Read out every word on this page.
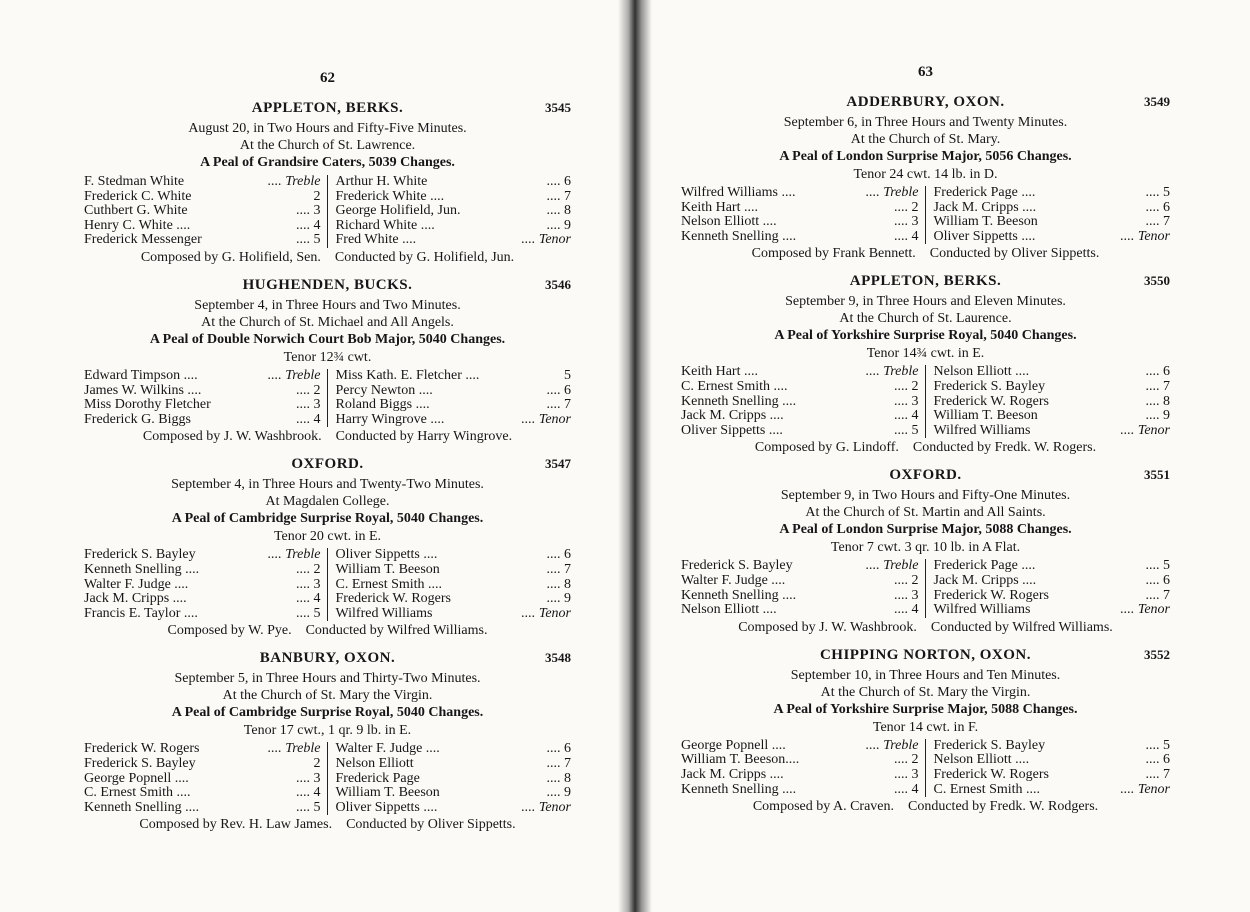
62
APPLETON, BERKS.	3545
August 20, in Two Hours and Fifty-Five Minutes.
At the Church of St. Lawrence.
A Peal of Grandsire Caters, 5039 Changes.
F. Stedman White	.... Treble
Frederick C. White	2
Cuthbert G. White	.... 3
Henry C. White ....	.... 4
Frederick Messenger	.... 5
Arthur H. White	.... 6
Frederick White ....	.... 7
George Holifield, Jun.	.... 8
Richard White ....	.... 9
Fred White ....	.... Tenor
Composed by G. Holifield, Sen. Conducted by G. Holifield, Jun.
HUGHENDEN, BUCKS.	3546
September 4, in Three Hours and Two Minutes.
At the Church of St. Michael and All Angels.
A Peal of Double Norwich Court Bob Major, 5040 Changes.
Tenor 12¾ cwt.
Edward Timpson ....	.... Treble
James W. Wilkins ....	.... 2
Miss Dorothy Fletcher	.... 3
Frederick G. Biggs	.... 4
Miss Kath. E. Fletcher ....	5
Percy Newton ....	.... 6
Roland Biggs ....	.... 7
Harry Wingrove ....	.... Tenor
Composed by J. W. Washbrook. Conducted by Harry Wingrove.
OXFORD.	3547
September 4, in Three Hours and Twenty-Two Minutes.
At Magdalen College.
A Peal of Cambridge Surprise Royal, 5040 Changes.
Tenor 20 cwt. in E.
Frederick S. Bayley	.... Treble
Kenneth Snelling ....	.... 2
Walter F. Judge ....	.... 3
Jack M. Cripps ....	.... 4
Francis E. Taylor ....	.... 5
Oliver Sippetts ....	.... 6
William T. Beeson	.... 7
C. Ernest Smith ....	.... 8
Frederick W. Rogers	.... 9
Wilfred Williams	.... Tenor
Composed by W. Pye. Conducted by Wilfred Williams.
BANBURY, OXON.	3548
September 5, in Three Hours and Thirty-Two Minutes.
At the Church of St. Mary the Virgin.
A Peal of Cambridge Surprise Royal, 5040 Changes.
Tenor 17 cwt., 1 qr. 9 lb. in E.
Frederick W. Rogers	.... Treble
Frederick S. Bayley	2
George Popnell ....	.... 3
C. Ernest Smith ....	.... 4
Kenneth Snelling ....	.... 5
Walter F. Judge ....	.... 6
Nelson Elliott	.... 7
Frederick Page	.... 8
William T. Beeson	.... 9
Oliver Sippetts ....	.... Tenor
Composed by Rev. H. Law James. Conducted by Oliver Sippetts.
63
ADDERBURY, OXON.	3549
September 6, in Three Hours and Twenty Minutes.
At the Church of St. Mary.
A Peal of London Surprise Major, 5056 Changes.
Tenor 24 cwt. 14 lb. in D.
Wilfred Williams ....	.... Treble
Keith Hart ....	.... 2
Nelson Elliott ....	.... 3
Kenneth Snelling ....	.... 4
Frederick Page ....	.... 5
Jack M. Cripps ....	.... 6
William T. Beeson	.... 7
Oliver Sippetts ....	.... Tenor
Composed by Frank Bennett. Conducted by Oliver Sippetts.
APPLETON, BERKS.	3550
September 9, in Three Hours and Eleven Minutes.
At the Church of St. Laurence.
A Peal of Yorkshire Surprise Royal, 5040 Changes.
Tenor 14¾ cwt. in E.
Keith Hart ....	.... Treble
C. Ernest Smith ....	.... 2
Kenneth Snelling ....	.... 3
Jack M. Cripps ....	.... 4
Oliver Sippetts ....	.... 5
Nelson Elliott ....	.... 6
Frederick S. Bayley	.... 7
Frederick W. Rogers	.... 8
William T. Beeson	.... 9
Wilfred Williams	.... Tenor
Composed by G. Lindoff. Conducted by Fredk. W. Rogers.
OXFORD.	3551
September 9, in Two Hours and Fifty-One Minutes.
At the Church of St. Martin and All Saints.
A Peal of London Surprise Major, 5088 Changes.
Tenor 7 cwt. 3 qr. 10 lb. in A Flat.
Frederick S. Bayley	.... Treble
Walter F. Judge ....	.... 2
Kenneth Snelling ....	.... 3
Nelson Elliott ....	.... 4
Frederick Page ....	.... 5
Jack M. Cripps ....	.... 6
Frederick W. Rogers	.... 7
Wilfred Williams	.... Tenor
Composed by J. W. Washbrook. Conducted by Wilfred Williams.
CHIPPING NORTON, OXON.	3552
September 10, in Three Hours and Ten Minutes.
At the Church of St. Mary the Virgin.
A Peal of Yorkshire Surprise Major, 5088 Changes.
Tenor 14 cwt. in F.
George Popnell ....	.... Treble
William T. Beeson....	.... 2
Jack M. Cripps ....	.... 3
Kenneth Snelling ....	.... 4
Frederick S. Bayley	.... 5
Nelson Elliott ....	.... 6
Frederick W. Rogers	.... 7
C. Ernest Smith ....	.... Tenor
Composed by A. Craven. Conducted by Fredk. W. Rodgers.
